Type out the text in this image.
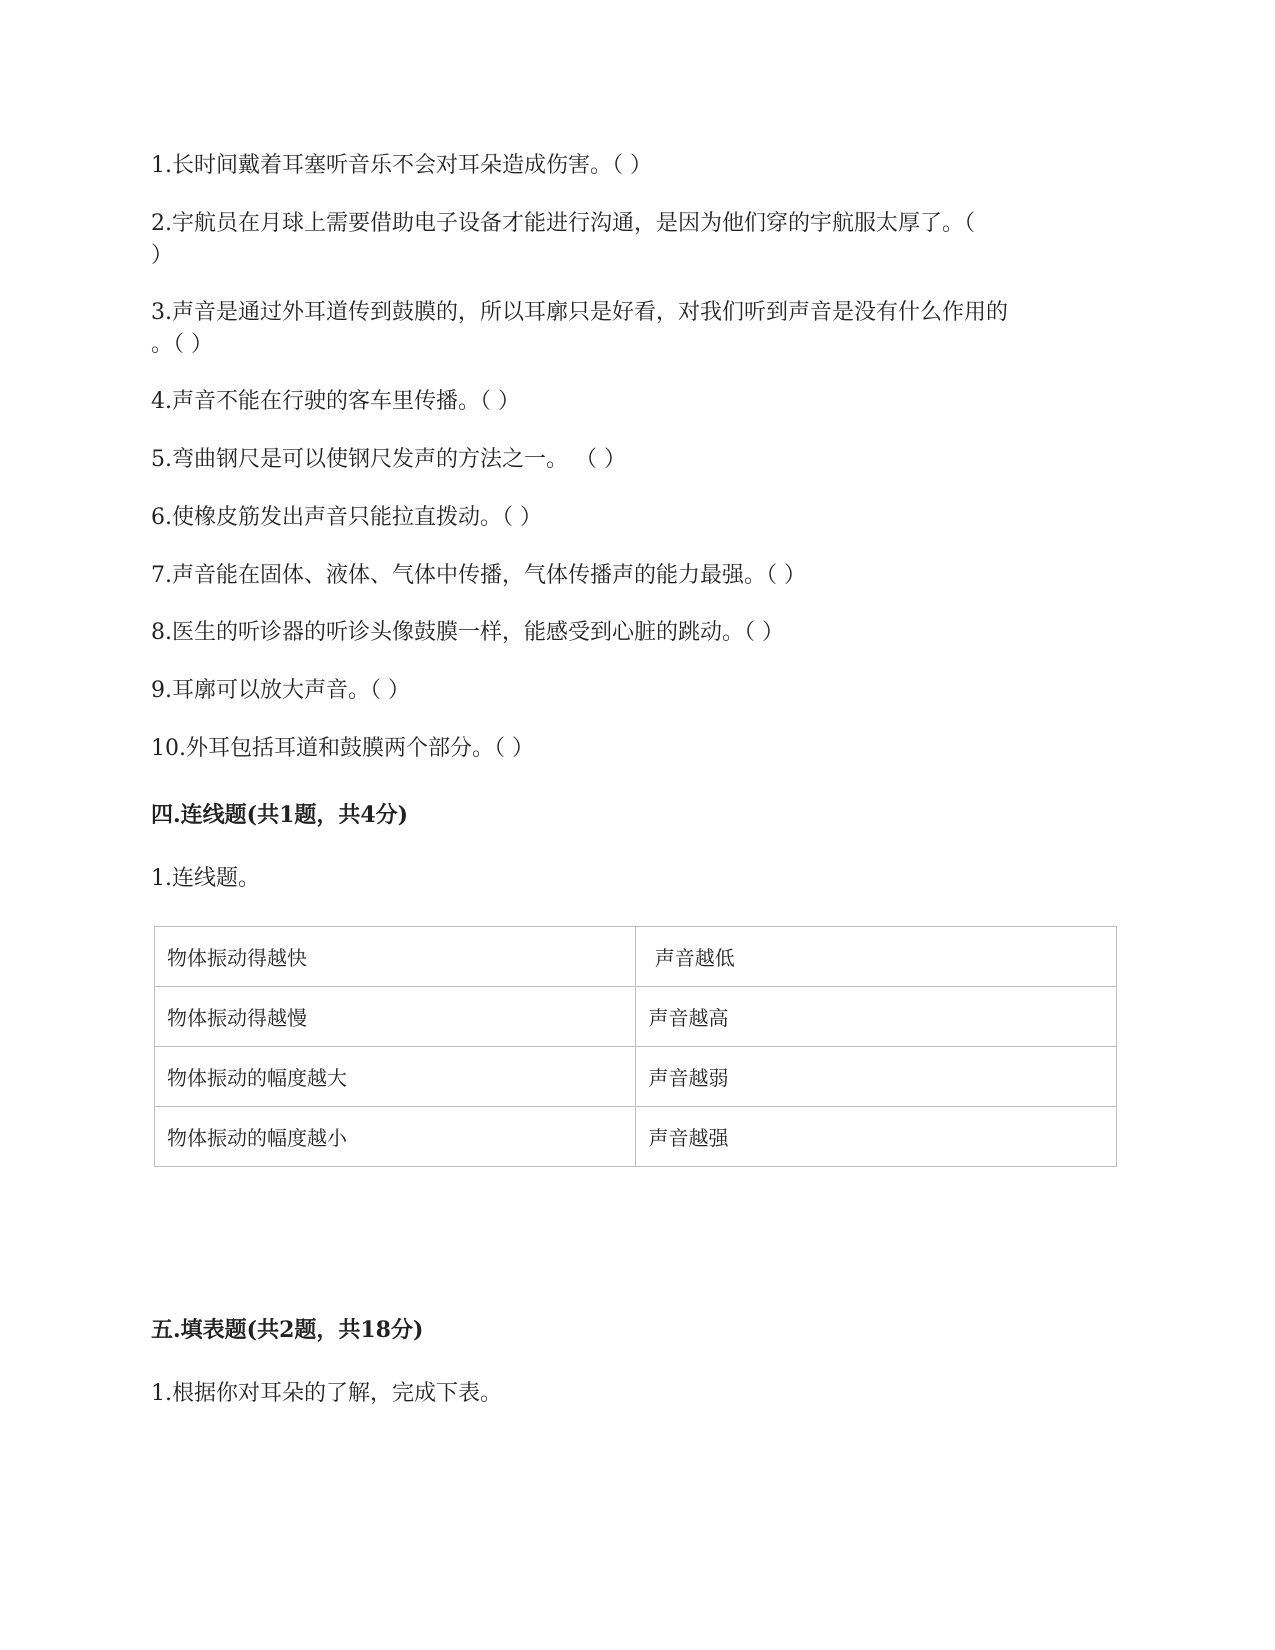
1.长时间戴着耳塞听音乐不会对耳朵造成伤害。（ ）
2.宇航员在月球上需要借助电子设备才能进行沟通，是因为他们穿的宇航服太厚了。（
）
3.声音是通过外耳道传到鼓膜的，所以耳廓只是好看，对我们听到声音是没有什么作用的
。（ ）
4.声音不能在行驶的客车里传播。（ ）
5.弯曲钢尺是可以使钢尺发声的方法之一。 （ ）
6.使橡皮筋发出声音只能拉直拨动。（ ）
7.声音能在固体、液体、气体中传播，气体传播声的能力最强。（ ）
8.医生的听诊器的听诊头像鼓膜一样，能感受到心脏的跳动。（ ）
9.耳廓可以放大声音。（ ）
10.外耳包括耳道和鼓膜两个部分。（ ）
四.连线题(共1题，共4分)
1.连线题。
物体振动得越快	声音越低
物体振动得越慢	声音越高
物体振动的幅度越大	声音越弱
物体振动的幅度越小	声音越强
五.填表题(共2题，共18分)
1.根据你对耳朵的了解，完成下表。
